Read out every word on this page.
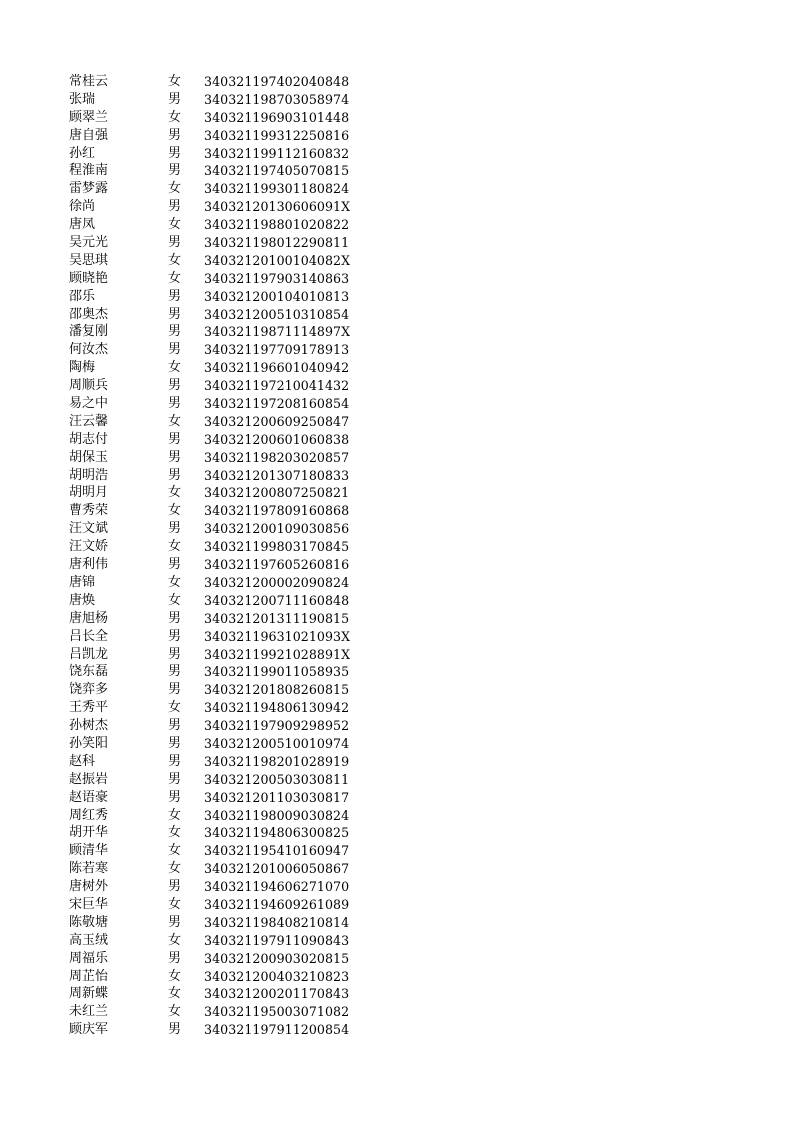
常桂云	女 340321197402040848
张瑞	男 340321198703058974
顾翠兰	女 340321196903101448
唐自强	男 340321199312250816
孙红	男 340321199112160832
程淮南	男 340321197405070815
雷梦露	女 340321199301180824
徐尚	男 34032120130606091X
唐凤	女 340321198801020822
吴元光	男 340321198012290811
吴思琪	女 34032120100104082X
顾晓艳	女 340321197903140863
邵乐	男 340321200104010813
邵奥杰	男 340321200510310854
潘复刚	男 34032119871114897X
何汝杰	男 340321197709178913
陶梅	女 340321196601040942
周顺兵	男 340321197210041432
易之中	男 340321197208160854
汪云馨	女 340321200609250847
胡志付	男 340321200601060838
胡保玉	男 340321198203020857
胡明浩	男 340321201307180833
胡明月	女 340321200807250821
曹秀荣	女 340321197809160868
汪文斌	男 340321200109030856
汪文娇	女 340321199803170845
唐利伟	男 340321197605260816
唐锦	女 340321200002090824
唐焕	女 340321200711160848
唐旭杨	男 340321201311190815
吕长全	男 34032119631021093X
吕凯龙	男 34032119921028891X
饶东磊	男 340321199011058935
饶弈多	男 340321201808260815
王秀平	女 340321194806130942
孙树杰	男 340321197909298952
孙笑阳	男 340321200510010974
赵科	男 340321198201028919
赵振岩	男 340321200503030811
赵语豪	男 340321201103030817
周红秀	女 340321198009030824
胡开华	女 340321194806300825
顾清华	女 340321195410160947
陈若寒	女 340321201006050867
唐树外	男 340321194606271070
宋巨华	女 340321194609261089
陈敬塘	男 340321198408210814
高玉绒	女 340321197911090843
周福乐	男 340321200903020815
周芷怡	女 340321200403210823
周新蝶	女 340321200201170843
未红兰	女 340321195003071082
顾庆军	男 340321197911200854
